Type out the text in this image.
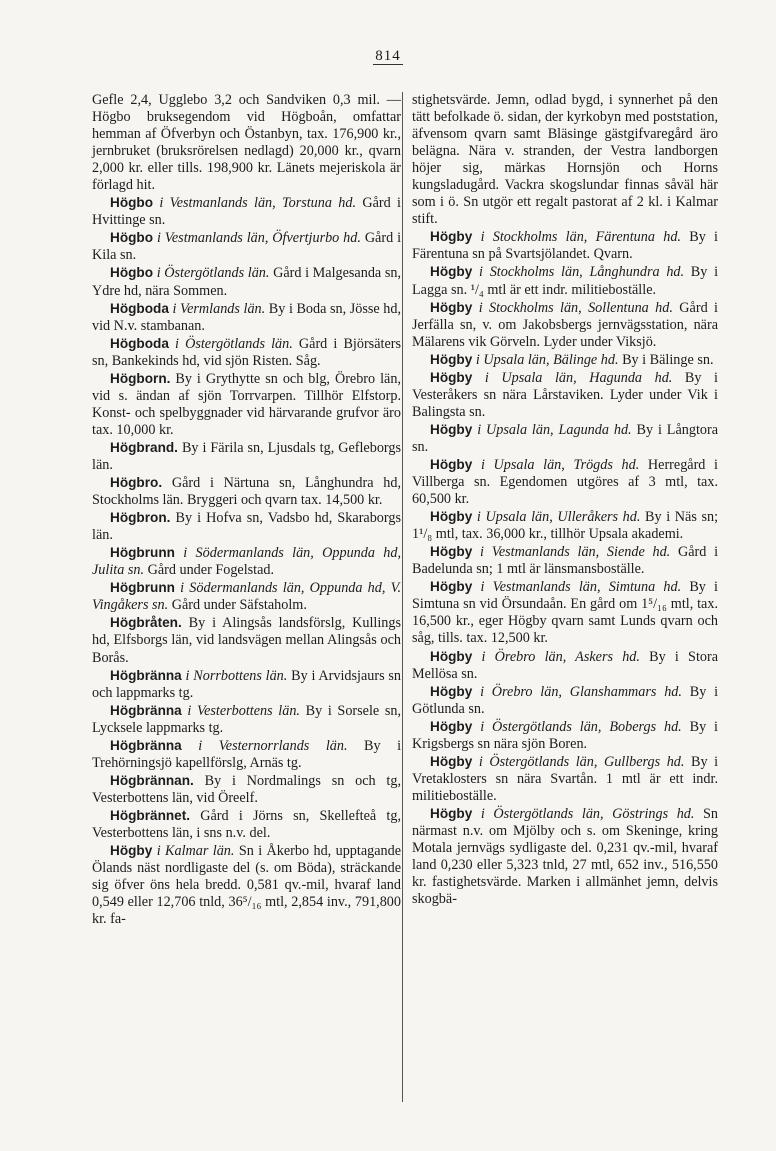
814

Gefle 2,4, Ugglebo 3,2 och Sandviken 0,3 mil. — Högbo bruksegendom vid Högboån, omfattar hemman af Öfverbyn och Östanbyn, tax. 176,900 kr., jernbruket (bruksrörelsen nedlagd) 20,000 kr., qvarn 2,000 kr. eller tills. 198,900 kr. Länets mejeriskola är förlagd hit.

Högbo i Vestmanlands län, Torstuna hd. Gård i Hvittinge sn.

Högbo i Vestmanlands län, Öfvertjurbo hd. Gård i Kila sn.

Högbo i Östergötlands län. Gård i Malgesanda sn, Ydre hd, nära Sommen.

Högboda i Vermlands län. By i Boda sn, Jösse hd, vid N.v. stambanan.

Högboda i Östergötlands län. Gård i Björsäters sn, Bankekinds hd, vid sjön Risten. Såg.

Högborn. By i Grythytte sn och blg, Örebro län, vid s. ändan af sjön Torrvarpen. Tillhör Elfstorp. Konst- och spelbyggnader vid härvarande grufvor äro tax. 10,000 kr.

Högbrand. By i Färila sn, Ljusdals tg, Gefleborgs län.

Högbro. Gård i Närtuna sn, Långhundra hd, Stockholms län. Bryggeri och qvarn tax. 14,500 kr.

Högbron. By i Hofva sn, Vadsbo hd, Skaraborgs län.

Högbrunn i Södermanlands län, Oppunda hd, Julita sn. Gård under Fogelstad.

Högbrunn i Södermanlands län, Oppunda hd, V. Vingåkers sn. Gård under Säfstaholm.

Högbråten. By i Alingsås landsförslg, Kullings hd, Elfsborgs län, vid landsvägen mellan Alingsås och Borås.

Högbränna i Norrbottens län. By i Arvidsjaurs sn och lappmarks tg.

Högbränna i Vesterbottens län. By i Sorsele sn, Lycksele lappmarks tg.

Högbränna i Vesternorrlands län. By i Trehörningsjö kapellförslg, Arnäs tg.

Högbrännan. By i Nordmalings sn och tg, Vesterbottens län, vid Öreelf.

Högbrännet. Gård i Jörns sn, Skellefteå tg, Vesterbottens län, i sns n.v. del.

Högby i Kalmar län. Sn i Åkerbo hd, upptagande Ölands näst nordligaste del (s. om Böda), sträckande sig öfver öns hela bredd. 0,581 qv.-mil, hvaraf land 0,549 eller 12,706 tnld, 36⁵/₁₆ mtl, 2,854 inv., 791,800 kr. fa-

stighetsvärde. Jemn, odlad bygd, i synnerhet på den tätt befolkade ö. sidan, der kyrkobyn med poststation, äfvensom qvarn samt Bläsinge gästgifvaregård äro belägna. Nära v. stranden, der Vestra landborgen höjer sig, märkas Hornsjön och Horns kungsladugård. Vackra skogslundar finnas såväl här som i ö. Sn utgör ett regalt pastorat af 2 kl. i Kalmar stift.

Högby i Stockholms län, Färentuna hd. By i Färentuna sn på Svartsjölandet. Qvarn.

Högby i Stockholms län, Långhundra hd. By i Lagga sn. ¹/₄ mtl är ett indr. militieboställe.

Högby i Stockholms län, Sollentuna hd. Gård i Jerfälla sn, v. om Jakobsbergs jernvägsstation, nära Mälarens vik Görveln. Lyder under Viksjö.

Högby i Upsala län, Bälinge hd. By i Bälinge sn.

Högby i Upsala län, Hagunda hd. By i Vesteråkers sn nära Lårstaviken. Lyder under Vik i Balingsta sn.

Högby i Upsala län, Lagunda hd. By i Långtora sn.

Högby i Upsala län, Trögds hd. Herregård i Villberga sn. Egendomen utgöres af 3 mtl, tax. 60,500 kr.

Högby i Upsala län, Ulleråkers hd. By i Näs sn; 1¹/₈ mtl, tax. 36,000 kr., tillhör Upsala akademi.

Högby i Vestmanlands län, Siende hd. Gård i Badelunda sn; 1 mtl är länsmansboställe.

Högby i Vestmanlands län, Simtuna hd. By i Simtuna sn vid Örsundaån. En gård om 1⁵/₁₆ mtl, tax. 16,500 kr., eger Högby qvarn samt Lunds qvarn och såg, tills. tax. 12,500 kr.

Högby i Örebro län, Askers hd. By i Stora Mellösa sn.

Högby i Örebro län, Glanshammars hd. By i Götlunda sn.

Högby i Östergötlands län, Bobergs hd. By i Krigsbergs sn nära sjön Boren.

Högby i Östergötlands län, Gullbergs hd. By i Vretaklosters sn nära Svartån. 1 mtl är ett indr. militieboställe.

Högby i Östergötlands län, Göstrings hd. Sn närmast n.v. om Mjölby och s. om Skeninge, kring Motala jernvägs sydligaste del. 0,231 qv.-mil, hvaraf land 0,230 eller 5,323 tnld, 27 mtl, 652 inv., 516,550 kr. fastighetsvärde. Marken i allmänhet jemn, delvis skogbä-
